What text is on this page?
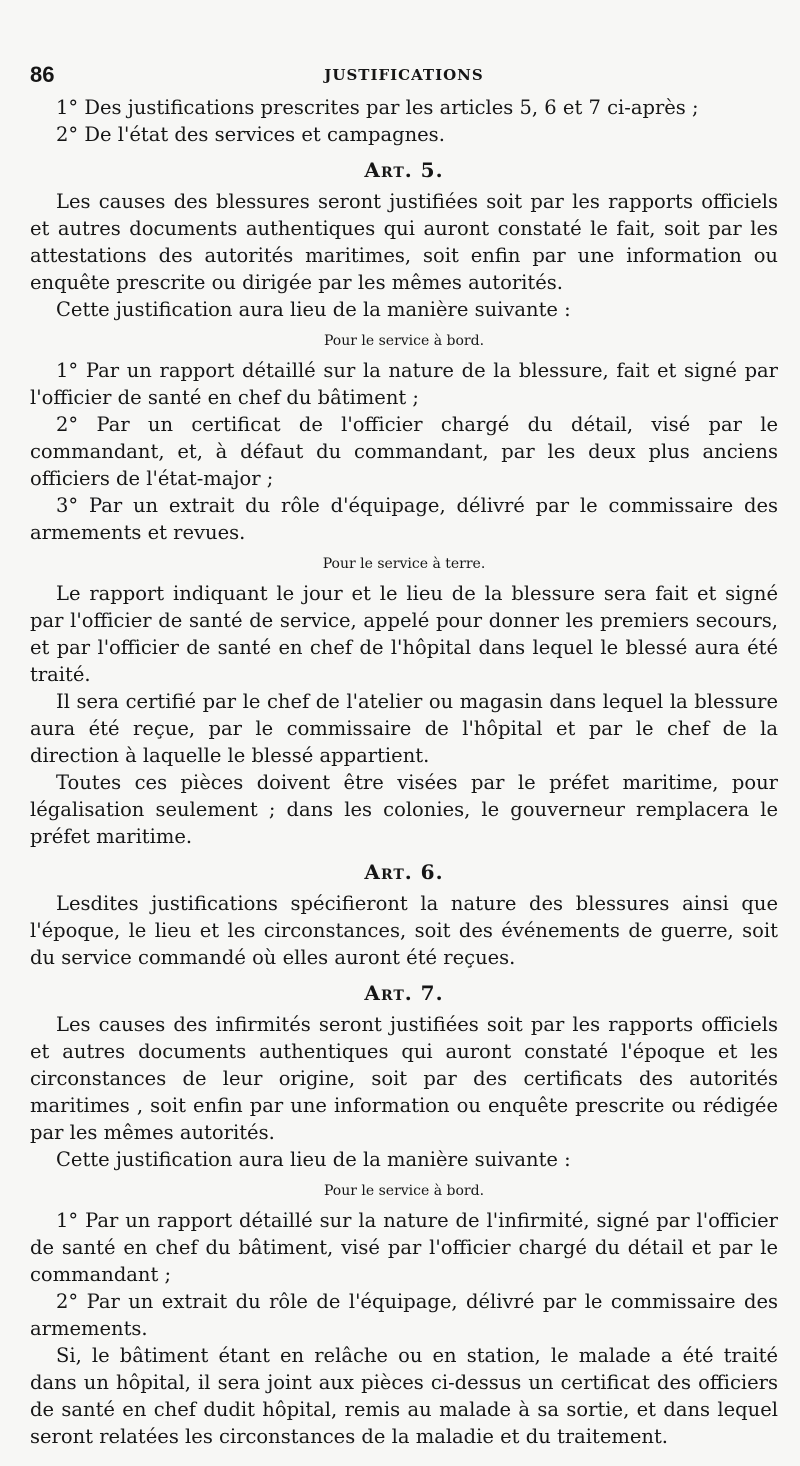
86	JUSTIFICATIONS

1° Des justifications prescrites par les articles 5, 6 et 7 ci-après ;

2° De l'état des services et campagnes.

Art. 5.

Les causes des blessures seront justifiées soit par les rapports officiels et autres documents authentiques qui auront constaté le fait, soit par les attestations des autorités maritimes, soit enfin par une information ou enquête prescrite ou dirigée par les mêmes autorités.

Cette justification aura lieu de la manière suivante :

Pour le service à bord.

1° Par un rapport détaillé sur la nature de la blessure, fait et signé par l'officier de santé en chef du bâtiment ;

2° Par un certificat de l'officier chargé du détail, visé par le commandant, et, à défaut du commandant, par les deux plus anciens officiers de l'état-major ;

3° Par un extrait du rôle d'équipage, délivré par le commissaire des armements et revues.

Pour le service à terre.

Le rapport indiquant le jour et le lieu de la blessure sera fait et signé par l'officier de santé de service, appelé pour donner les premiers secours, et par l'officier de santé en chef de l'hôpital dans lequel le blessé aura été traité.

Il sera certifié par le chef de l'atelier ou magasin dans lequel la blessure aura été reçue, par le commissaire de l'hôpital et par le chef de la direction à laquelle le blessé appartient.

Toutes ces pièces doivent être visées par le préfet maritime, pour légalisation seulement ; dans les colonies, le gouverneur remplacera le préfet maritime.

Art. 6.

Lesdites justifications spécifieront la nature des blessures ainsi que l'époque, le lieu et les circonstances, soit des événements de guerre, soit du service commandé où elles auront été reçues.

Art. 7.

Les causes des infirmités seront justifiées soit par les rapports officiels et autres documents authentiques qui auront constaté l'époque et les circonstances de leur origine, soit par des certificats des autorités maritimes , soit enfin par une information ou enquête prescrite ou rédigée par les mêmes autorités.

Cette justification aura lieu de la manière suivante :

Pour le service à bord.

1° Par un rapport détaillé sur la nature de l'infirmité, signé par l'officier de santé en chef du bâtiment, visé par l'officier chargé du détail et par le commandant ;

2° Par un extrait du rôle de l'équipage, délivré par le commissaire des armements.

Si, le bâtiment étant en relâche ou en station, le malade a été traité dans un hôpital, il sera joint aux pièces ci-dessus un certificat des officiers de santé en chef dudit hôpital, remis au malade à sa sortie, et dans lequel seront relatées les circonstances de la maladie et du traitement.
